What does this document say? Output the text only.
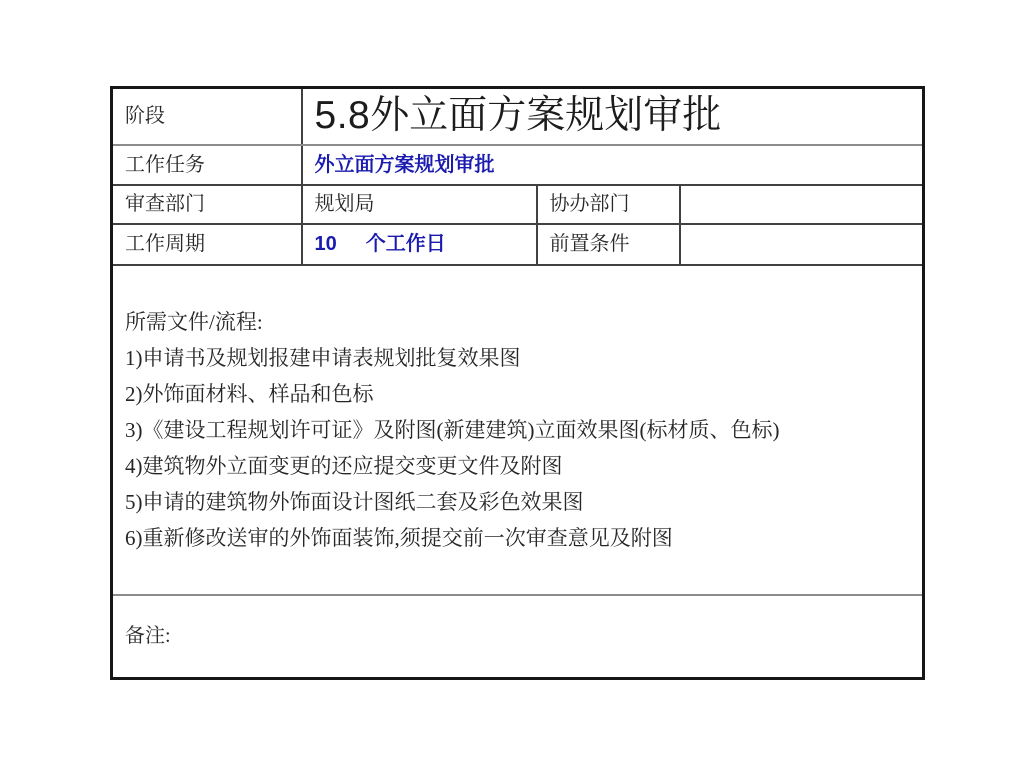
阶段	5.8外立面方案规划审批		

工作任务	外立面方案规划审批		
审查部门	规划局	协办部门	
工作周期	10 个工作日	前置条件	

所需文件/流程:
1)申请书及规划报建申请表规划批复效果图
2)外饰面材料、样品和色标
3)《建设工程规划许可证》及附图(新建建筑)立面效果图(标材质、色标)
4)建筑物外立面变更的还应提交变更文件及附图
5)申请的建筑物外饰面设计图纸二套及彩色效果图
6)重新修改送审的外饰面装饰,须提交前一次审查意见及附图

备注:			
